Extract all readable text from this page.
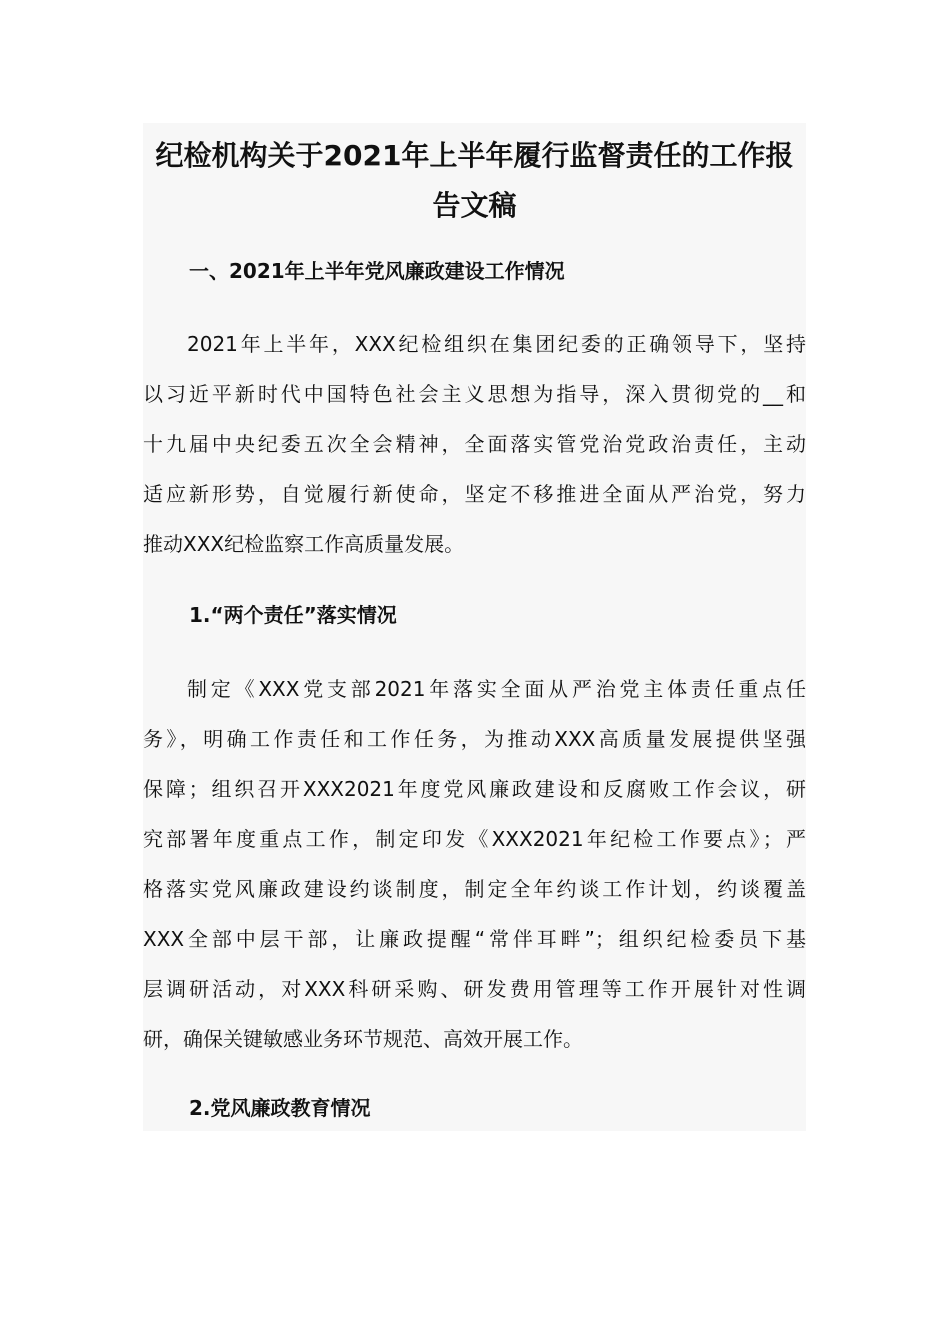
纪检机构关于2021年上半年履行监督责任的工作报
告文稿
一、2021年上半年党风廉政建设工作情况
2021年上半年，XXX纪检组织在集团纪委的正确领导下，坚持
以习近平新时代中国特色社会主义思想为指导，深入贯彻党的__和
十九届中央纪委五次全会精神，全面落实管党治党政治责任，主动
适应新形势，自觉履行新使命，坚定不移推进全面从严治党，努力
推动XXX纪检监察工作高质量发展。
1.“两个责任”落实情况
制定《XXX党支部2021年落实全面从严治党主体责任重点任
务》，明确工作责任和工作任务，为推动XXX高质量发展提供坚强
保障；组织召开XXX2021年度党风廉政建设和反腐败工作会议，研
究部署年度重点工作，制定印发《XXX2021年纪检工作要点》；严
格落实党风廉政建设约谈制度，制定全年约谈工作计划，约谈覆盖
XXX全部中层干部，让廉政提醒“常伴耳畔”；组织纪检委员下基
层调研活动，对XXX科研采购、研发费用管理等工作开展针对性调
研，确保关键敏感业务环节规范、高效开展工作。
2.党风廉政教育情况
